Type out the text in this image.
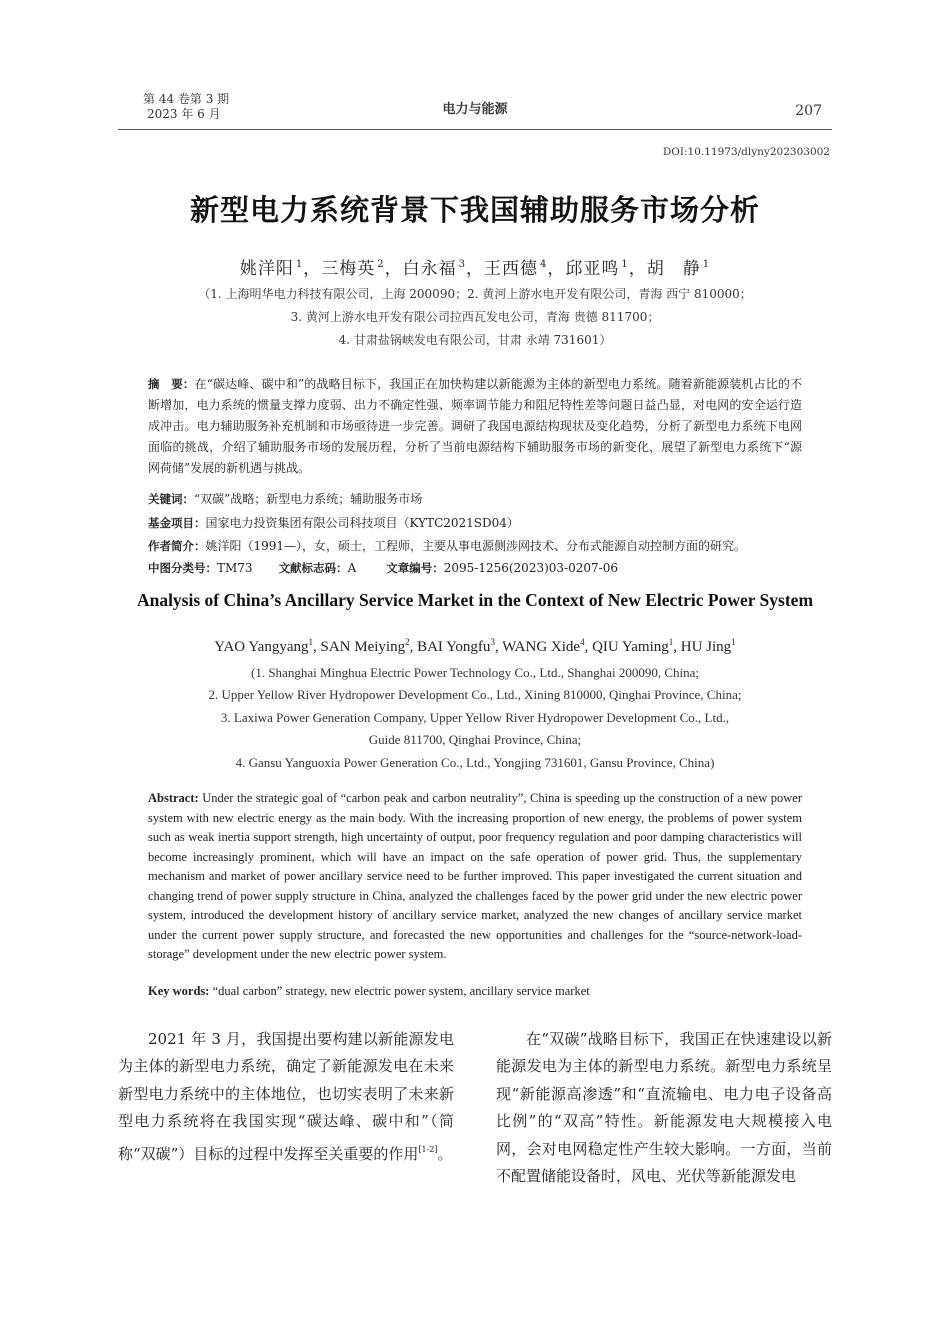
第 44 卷第 3 期
2023 年 6 月	电力与能源	207
DOI:10.11973/dlyny202303002
新型电力系统背景下我国辅助服务市场分析
姚洋阳 $^1$，三梅英 $^2$，白永福 $^3$，王西德 $^4$，邱亚鸣 $^1$，胡　静 $^1$
（1. 上海明华电力科技有限公司，上海 200090；2. 黄河上游水电开发有限公司，青海 西宁 810000；
3. 黄河上游水电开发有限公司拉西瓦发电公司，青海 贵德 811700；
4. 甘肃盐锅峡发电有限公司，甘肃 永靖 731601）
摘　要：在“碳达峰、碳中和”的战略目标下，我国正在加快构建以新能源为主体的新型电力系统。随着新能源装机占比的不断增加，电力系统的惯量支撑力度弱、出力不确定性强、频率调节能力和阻尼特性差等问题日益凸显，对电网的安全运行造成冲击。电力辅助服务补充机制和市场亟待进一步完善。调研了我国电源结构现状及变化趋势，分析了新型电力系统下电网面临的挑战，介绍了辅助服务市场的发展历程，分析了当前电源结构下辅助服务市场的新变化，展望了新型电力系统下“源网荷储”发展的新机遇与挑战。
关键词：“双碳”战略；新型电力系统；辅助服务市场
基金项目：国家电力投资集团有限公司科技项目（KYTC2021SD04）
作者简介：姚洋阳（1991—），女，硕士，工程师，主要从事电源侧涉网技术、分布式能源自动控制方面的研究。
中图分类号：TM73 文献标志码：A	文章编号：2095-1256(2023)03-0207-06
Analysis of China’s Ancillary Service Market in the Context of New Electric Power System
YAO Yangyang$^1$, SAN Meiying$^2$, BAI Yongfu$^3$, WANG Xide$^4$, QIU Yaming$^1$, HU Jing$^1$
(1. Shanghai Minghua Electric Power Technology Co., Ltd., Shanghai 200090, China;
2. Upper Yellow River Hydropower Development Co., Ltd., Xining 810000, Qinghai Province, China;
3. Laxiwa Power Generation Company, Upper Yellow River Hydropower Development Co., Ltd.,
Guide 811700, Qinghai Province, China;
4. Gansu Yanguoxia Power Generation Co., Ltd., Yongjing 731601, Gansu Province, China)
Abstract: Under the strategic goal of “carbon peak and carbon neutrality”, China is speeding up the construction of a new power system with new electric energy as the main body. With the increasing proportion of new energy, the problems of power system such as weak inertia support strength, high uncertainty of output, poor frequency regulation and poor damping characteristics will become increasingly prominent, which will have an impact on the safe operation of power grid. Thus, the supplementary mechanism and market of power ancillary service need to be further improved. This paper investigated the current situation and changing trend of power supply structure in China, analyzed the challenges faced by the power grid under the new electric power system, introduced the development history of ancillary service market, analyzed the new changes of ancillary service market under the current power supply structure, and forecasted the new opportunities and challenges for the “source-network-load-storage” development under the new electric power system.
Key words: “dual carbon” strategy, new electric power system, ancillary service market
2021 年 3 月，我国提出要构建以新能源发电为主体的新型电力系统，确定了新能源发电在未来新型电力系统中的主体地位，也切实表明了未来新型电力系统将在我国实现“碳达峰、碳中和”（简称“双碳”）目标的过程中发挥至关重要的作用[1-2]。
在“双碳”战略目标下，我国正在快速建设以新能源发电为主体的新型电力系统。新型电力系统呈现“新能源高渗透”和“直流输电、电力电子设备高比例”的“双高”特性。新能源发电大规模接入电网，会对电网稳定性产生较大影响。一方面，当前不配置储能设备时，风电、光伏等新能源发电
